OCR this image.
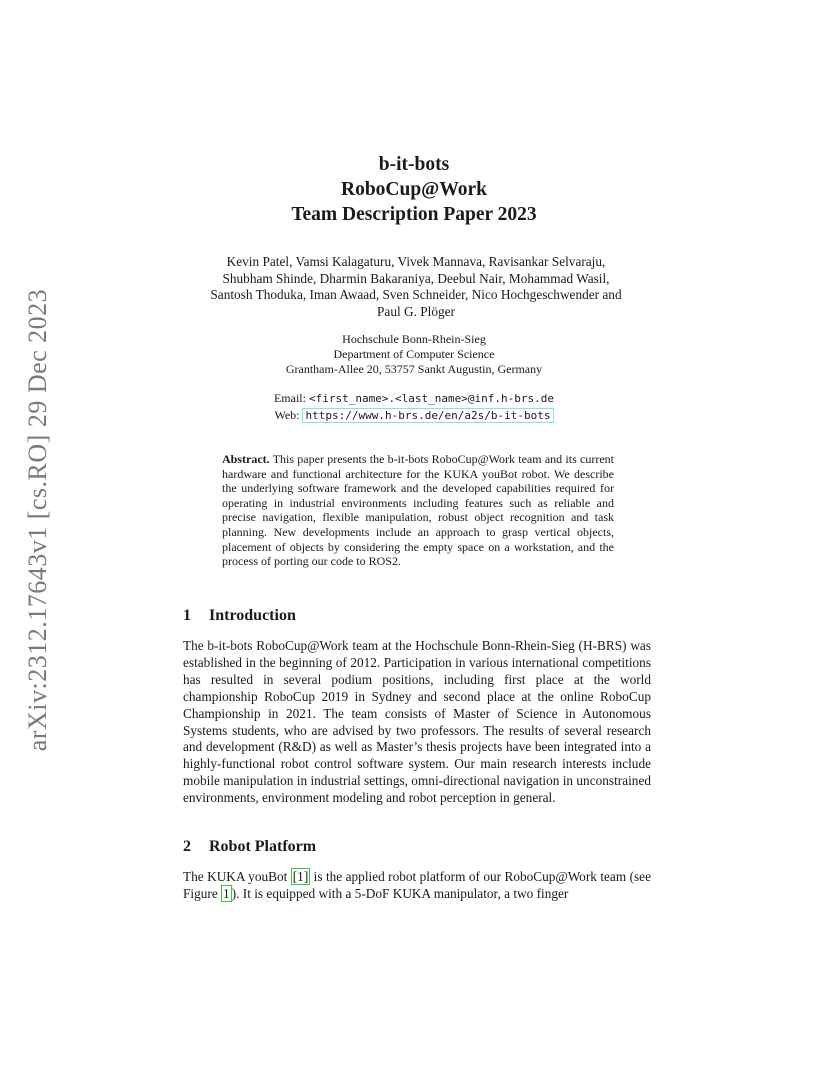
arXiv:2312.17643v1 [cs.RO] 29 Dec 2023
b-it-bots
RoboCup@Work
Team Description Paper 2023
Kevin Patel, Vamsi Kalagaturu, Vivek Mannava, Ravisankar Selvaraju,
Shubham Shinde, Dharmin Bakaraniya, Deebul Nair, Mohammad Wasil,
Santosh Thoduka, Iman Awaad, Sven Schneider, Nico Hochgeschwender and
Paul G. Plöger
Hochschule Bonn-Rhein-Sieg
Department of Computer Science
Grantham-Allee 20, 53757 Sankt Augustin, Germany
Email: <first_name>.<last_name>@inf.h-brs.de
Web: https://www.h-brs.de/en/a2s/b-it-bots
Abstract. This paper presents the b-it-bots RoboCup@Work team and its current hardware and functional architecture for the KUKA youBot robot. We describe the underlying software framework and the developed capabilities required for operating in industrial environments including features such as reliable and precise navigation, flexible manipulation, robust object recognition and task planning. New developments include an approach to grasp vertical objects, placement of objects by considering the empty space on a workstation, and the process of porting our code to ROS2.
1 Introduction
The b-it-bots RoboCup@Work team at the Hochschule Bonn-Rhein-Sieg (H-BRS) was established in the beginning of 2012. Participation in various international competitions has resulted in several podium positions, including first place at the world championship RoboCup 2019 in Sydney and second place at the online RoboCup Championship in 2021. The team consists of Master of Science in Autonomous Systems students, who are advised by two professors. The results of several research and development (R&D) as well as Master’s thesis projects have been integrated into a highly-functional robot control software system. Our main research interests include mobile manipulation in industrial settings, omni-directional navigation in unconstrained environments, environment modeling and robot perception in general.
2 Robot Platform
The KUKA youBot [1] is the applied robot platform of our RoboCup@Work team (see Figure 1 ). It is equipped with a 5-DoF KUKA manipulator, a two finger
